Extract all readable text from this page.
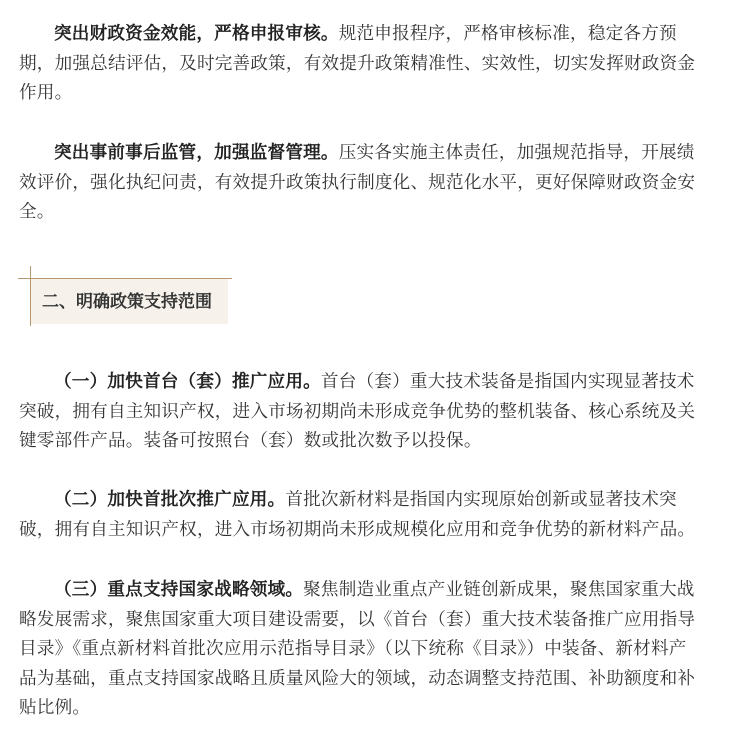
突出财政资金效能，严格申报审核。规范申报程序，严格审核标准，稳定各方预期，加强总结评估，及时完善政策，有效提升政策精准性、实效性，切实发挥财政资金作用。

突出事前事后监管，加强监督管理。压实各实施主体责任，加强规范指导，开展绩效评价，强化执纪问责，有效提升政策执行制度化、规范化水平，更好保障财政资金安全。

二、明确政策支持范围

（一）加快首台（套）推广应用。首台（套）重大技术装备是指国内实现显著技术突破，拥有自主知识产权，进入市场初期尚未形成竞争优势的整机装备、核心系统及关键零部件产品。装备可按照台（套）数或批次数予以投保。

（二）加快首批次推广应用。首批次新材料是指国内实现原始创新或显著技术突破，拥有自主知识产权，进入市场初期尚未形成规模化应用和竞争优势的新材料产品。

（三）重点支持国家战略领域。聚焦制造业重点产业链创新成果，聚焦国家重大战略发展需求，聚焦国家重大项目建设需要，以《首台（套）重大技术装备推广应用指导目录》《重点新材料首批次应用示范指导目录》（以下统称《目录》）中装备、新材料产品为基础，重点支持国家战略且质量风险大的领域，动态调整支持范围、补助额度和补贴比例。
